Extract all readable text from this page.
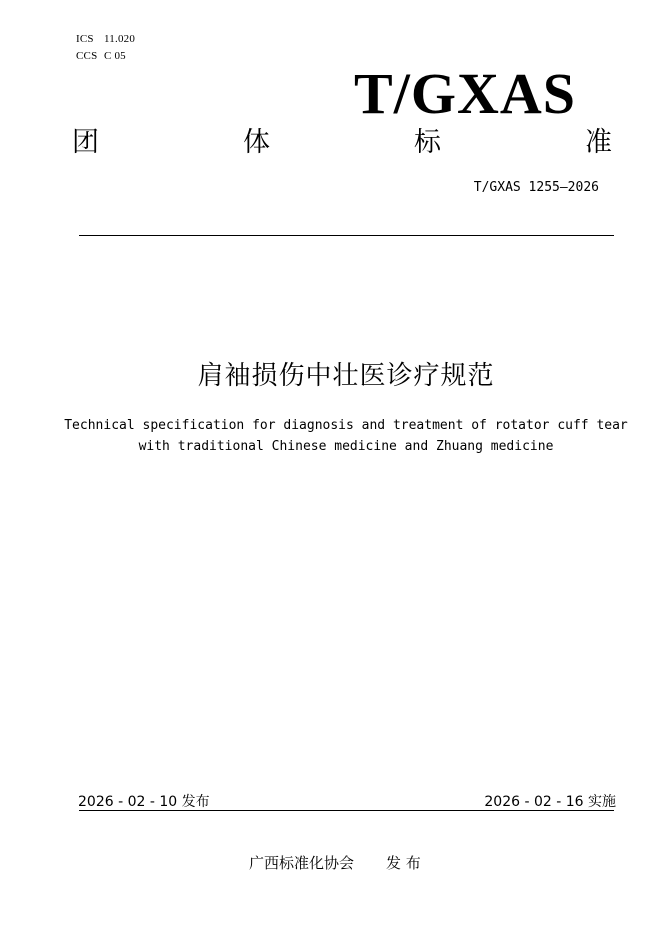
ICS 11.020
CCS C 05
T/GXAS
团	体	标	准
T/GXAS 1255—2026
肩袖损伤中壮医诊疗规范
Technical specification for diagnosis and treatment of rotator cuff tear
with traditional Chinese medicine and Zhuang medicine
2026 - 02 - 10 发布	2026 - 02 - 16 实施
广西标准化协会 发 布
